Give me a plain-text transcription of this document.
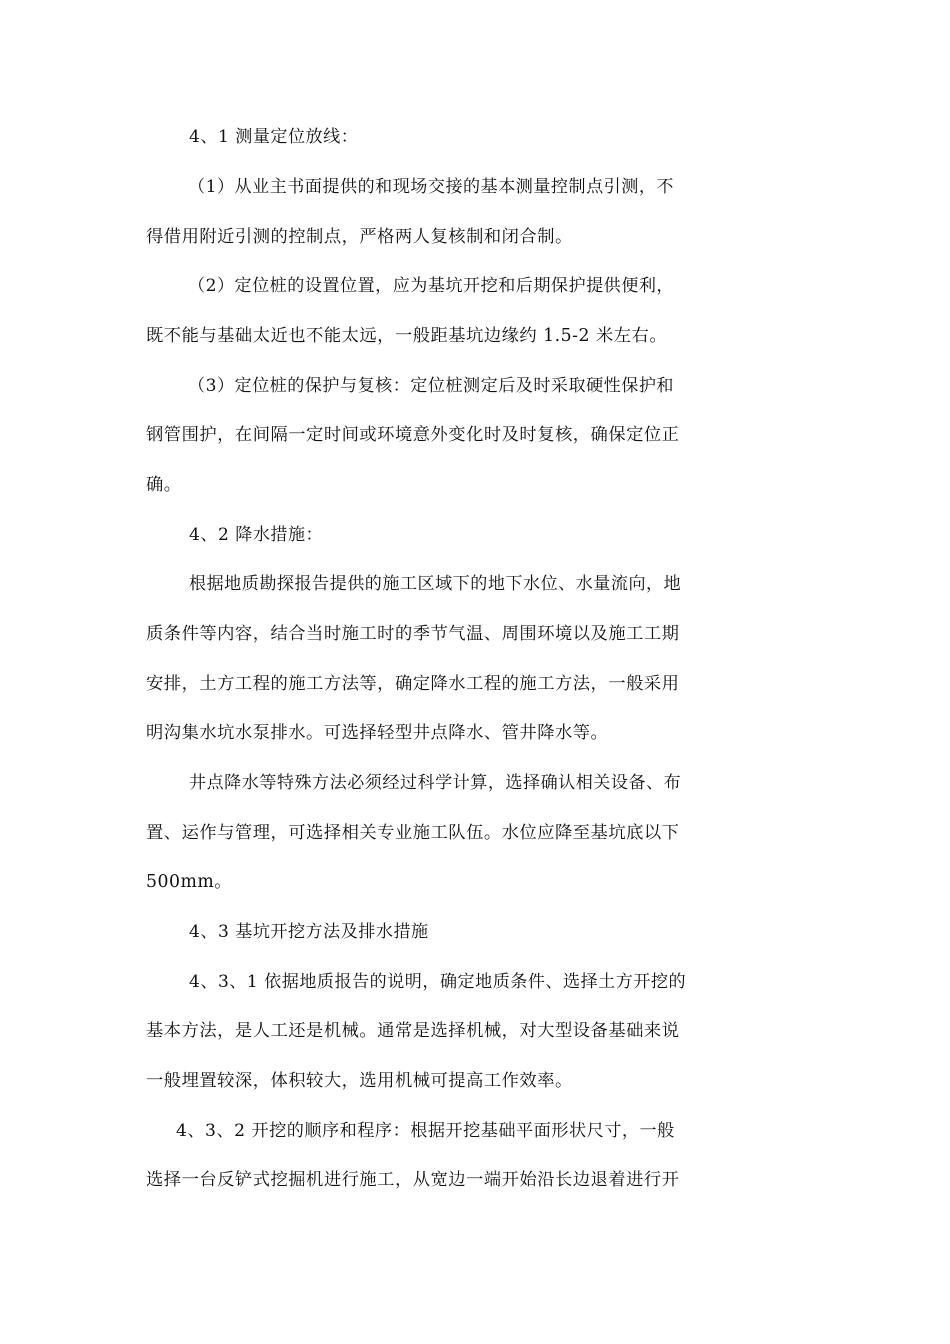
4、1 测量定位放线：
（1）从业主书面提供的和现场交接的基本测量控制点引测，不
得借用附近引测的控制点，严格两人复核制和闭合制。
（2）定位桩的设置位置，应为基坑开挖和后期保护提供便利，
既不能与基础太近也不能太远，一般距基坑边缘约 1.5-2 米左右。
（3）定位桩的保护与复核：定位桩测定后及时采取硬性保护和
钢管围护，在间隔一定时间或环境意外变化时及时复核，确保定位正
确。
4、2 降水措施：
根据地质勘探报告提供的施工区域下的地下水位、水量流向，地
质条件等内容，结合当时施工时的季节气温、周围环境以及施工工期
安排，土方工程的施工方法等，确定降水工程的施工方法，一般采用
明沟集水坑水泵排水。可选择轻型井点降水、管井降水等。
井点降水等特殊方法必须经过科学计算，选择确认相关设备、布
置、运作与管理，可选择相关专业施工队伍。水位应降至基坑底以下
500mm。
4、3 基坑开挖方法及排水措施
4、3、1 依据地质报告的说明，确定地质条件、选择土方开挖的
基本方法，是人工还是机械。通常是选择机械，对大型设备基础来说
一般埋置较深，体积较大，选用机械可提高工作效率。
4、3、2 开挖的顺序和程序：根据开挖基础平面形状尺寸，一般
选择一台反铲式挖掘机进行施工，从宽边一端开始沿长边退着进行开
